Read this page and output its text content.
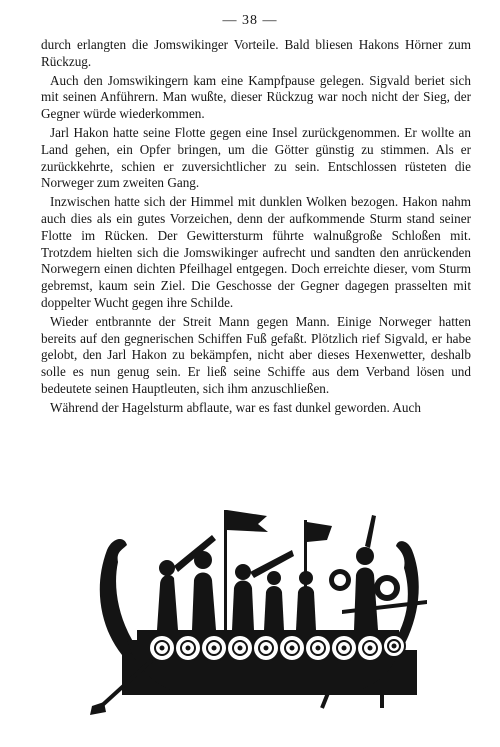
— 38 —

durch erlangten die Jomswikinger Vorteile. Bald bliesen Hakons Hörner zum Rückzug.

Auch den Jomswikingern kam eine Kampfpause gelegen. Sigvald beriet sich mit seinen Anführern. Man wußte, dieser Rückzug war noch nicht der Sieg, der Gegner würde wiederkommen.

Jarl Hakon hatte seine Flotte gegen eine Insel zurückgenommen. Er wollte an Land gehen, ein Opfer bringen, um die Götter günstig zu stimmen. Als er zurückkehrte, schien er zuversichtlicher zu sein. Entschlossen rüsteten die Norweger zum zweiten Gang.

Inzwischen hatte sich der Himmel mit dunklen Wolken bezogen. Hakon nahm auch dies als ein gutes Vorzeichen, denn der aufkommende Sturm stand seiner Flotte im Rücken. Der Gewittersturm führte walnußgroße Schloßen mit. Trotzdem hielten sich die Jomswikinger aufrecht und sandten den anrückenden Norwegern einen dichten Pfeilhagel entgegen. Doch erreichte dieser, vom Sturm gebremst, kaum sein Ziel. Die Geschosse der Gegner dagegen prasselten mit doppelter Wucht gegen ihre Schilde.

Wieder entbrannte der Streit Mann gegen Mann. Einige Norweger hatten bereits auf den gegnerischen Schiffen Fuß gefaßt. Plötzlich rief Sigvald, er habe gelobt, den Jarl Hakon zu bekämpfen, nicht aber dieses Hexenwetter, deshalb solle es nun genug sein. Er ließ seine Schiffe aus dem Verband lösen und bedeutete seinen Hauptleuten, sich ihm anzuschließen.

Während der Hagelsturm abflaute, war es fast dunkel geworden. Auch
